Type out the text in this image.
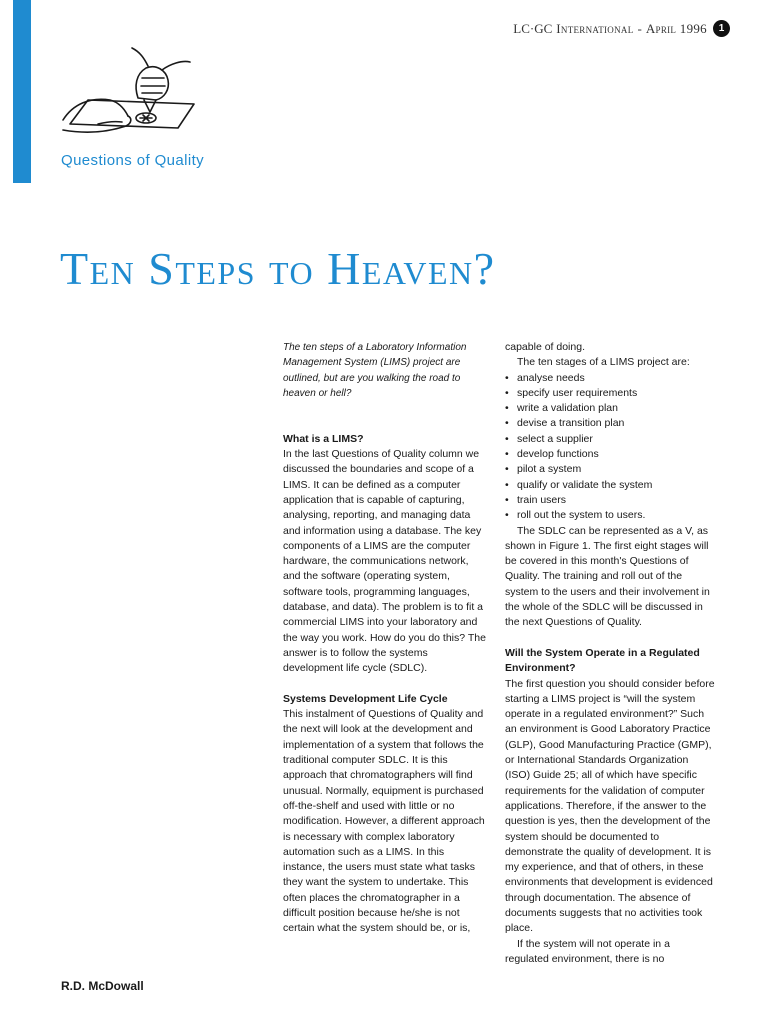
LC·GC International - April 1996	1
Questions of Quality
Ten Steps to Heaven?
R.D. McDowall

The ten steps of a Laboratory Information Management System (LIMS) project are outlined, but are you walking the road to heaven or hell?

What is a LIMS?

In the last Questions of Quality column we discussed the boundaries and scope of a LIMS. It can be defined as a computer application that is capable of capturing, analysing, reporting, and managing data and information using a database. The key components of a LIMS are the computer hardware, the communications network, and the software (operating system, software tools, programming languages, database, and data). The problem is to fit a commercial LIMS into your laboratory and the way you work. How do you do this? The answer is to follow the systems development life cycle (SDLC).

Systems Development Life Cycle

This instalment of Questions of Quality and the next will look at the development and implementation of a system that follows the traditional computer SDLC. It is this approach that chromatographers will find unusual. Normally, equipment is purchased off-the-shelf and used with little or no modification. However, a different approach is necessary with complex laboratory automation such as a LIMS. In this instance, the users must state what tasks they want the system to undertake. This often places the chromatographer in a difficult position because he/she is not certain what the system should be, or is,

capable of doing.

The ten stages of a LIMS project are:

• analyse needs
• specify user requirements
• write a validation plan
• devise a transition plan
• select a supplier
• develop functions
• pilot a system
• qualify or validate the system
• train users
• roll out the system to users.

The SDLC can be represented as a V, as shown in Figure 1. The first eight stages will be covered in this month's Questions of Quality. The training and roll out of the system to the users and their involvement in the whole of the SDLC will be discussed in the next Questions of Quality.

Will the System Operate in a Regulated Environment?

The first question you should consider before starting a LIMS project is “will the system operate in a regulated environment?” Such an environment is Good Laboratory Practice (GLP), Good Manufacturing Practice (GMP), or International Standards Organization (ISO) Guide 25; all of which have specific requirements for the validation of computer applications. Therefore, if the answer to the question is yes, then the development of the system should be documented to demonstrate the quality of development. It is my experience, and that of others, in these environments that development is evidenced through documentation. The absence of documents suggests that no activities took place.

If the system will not operate in a regulated environment, there is no
